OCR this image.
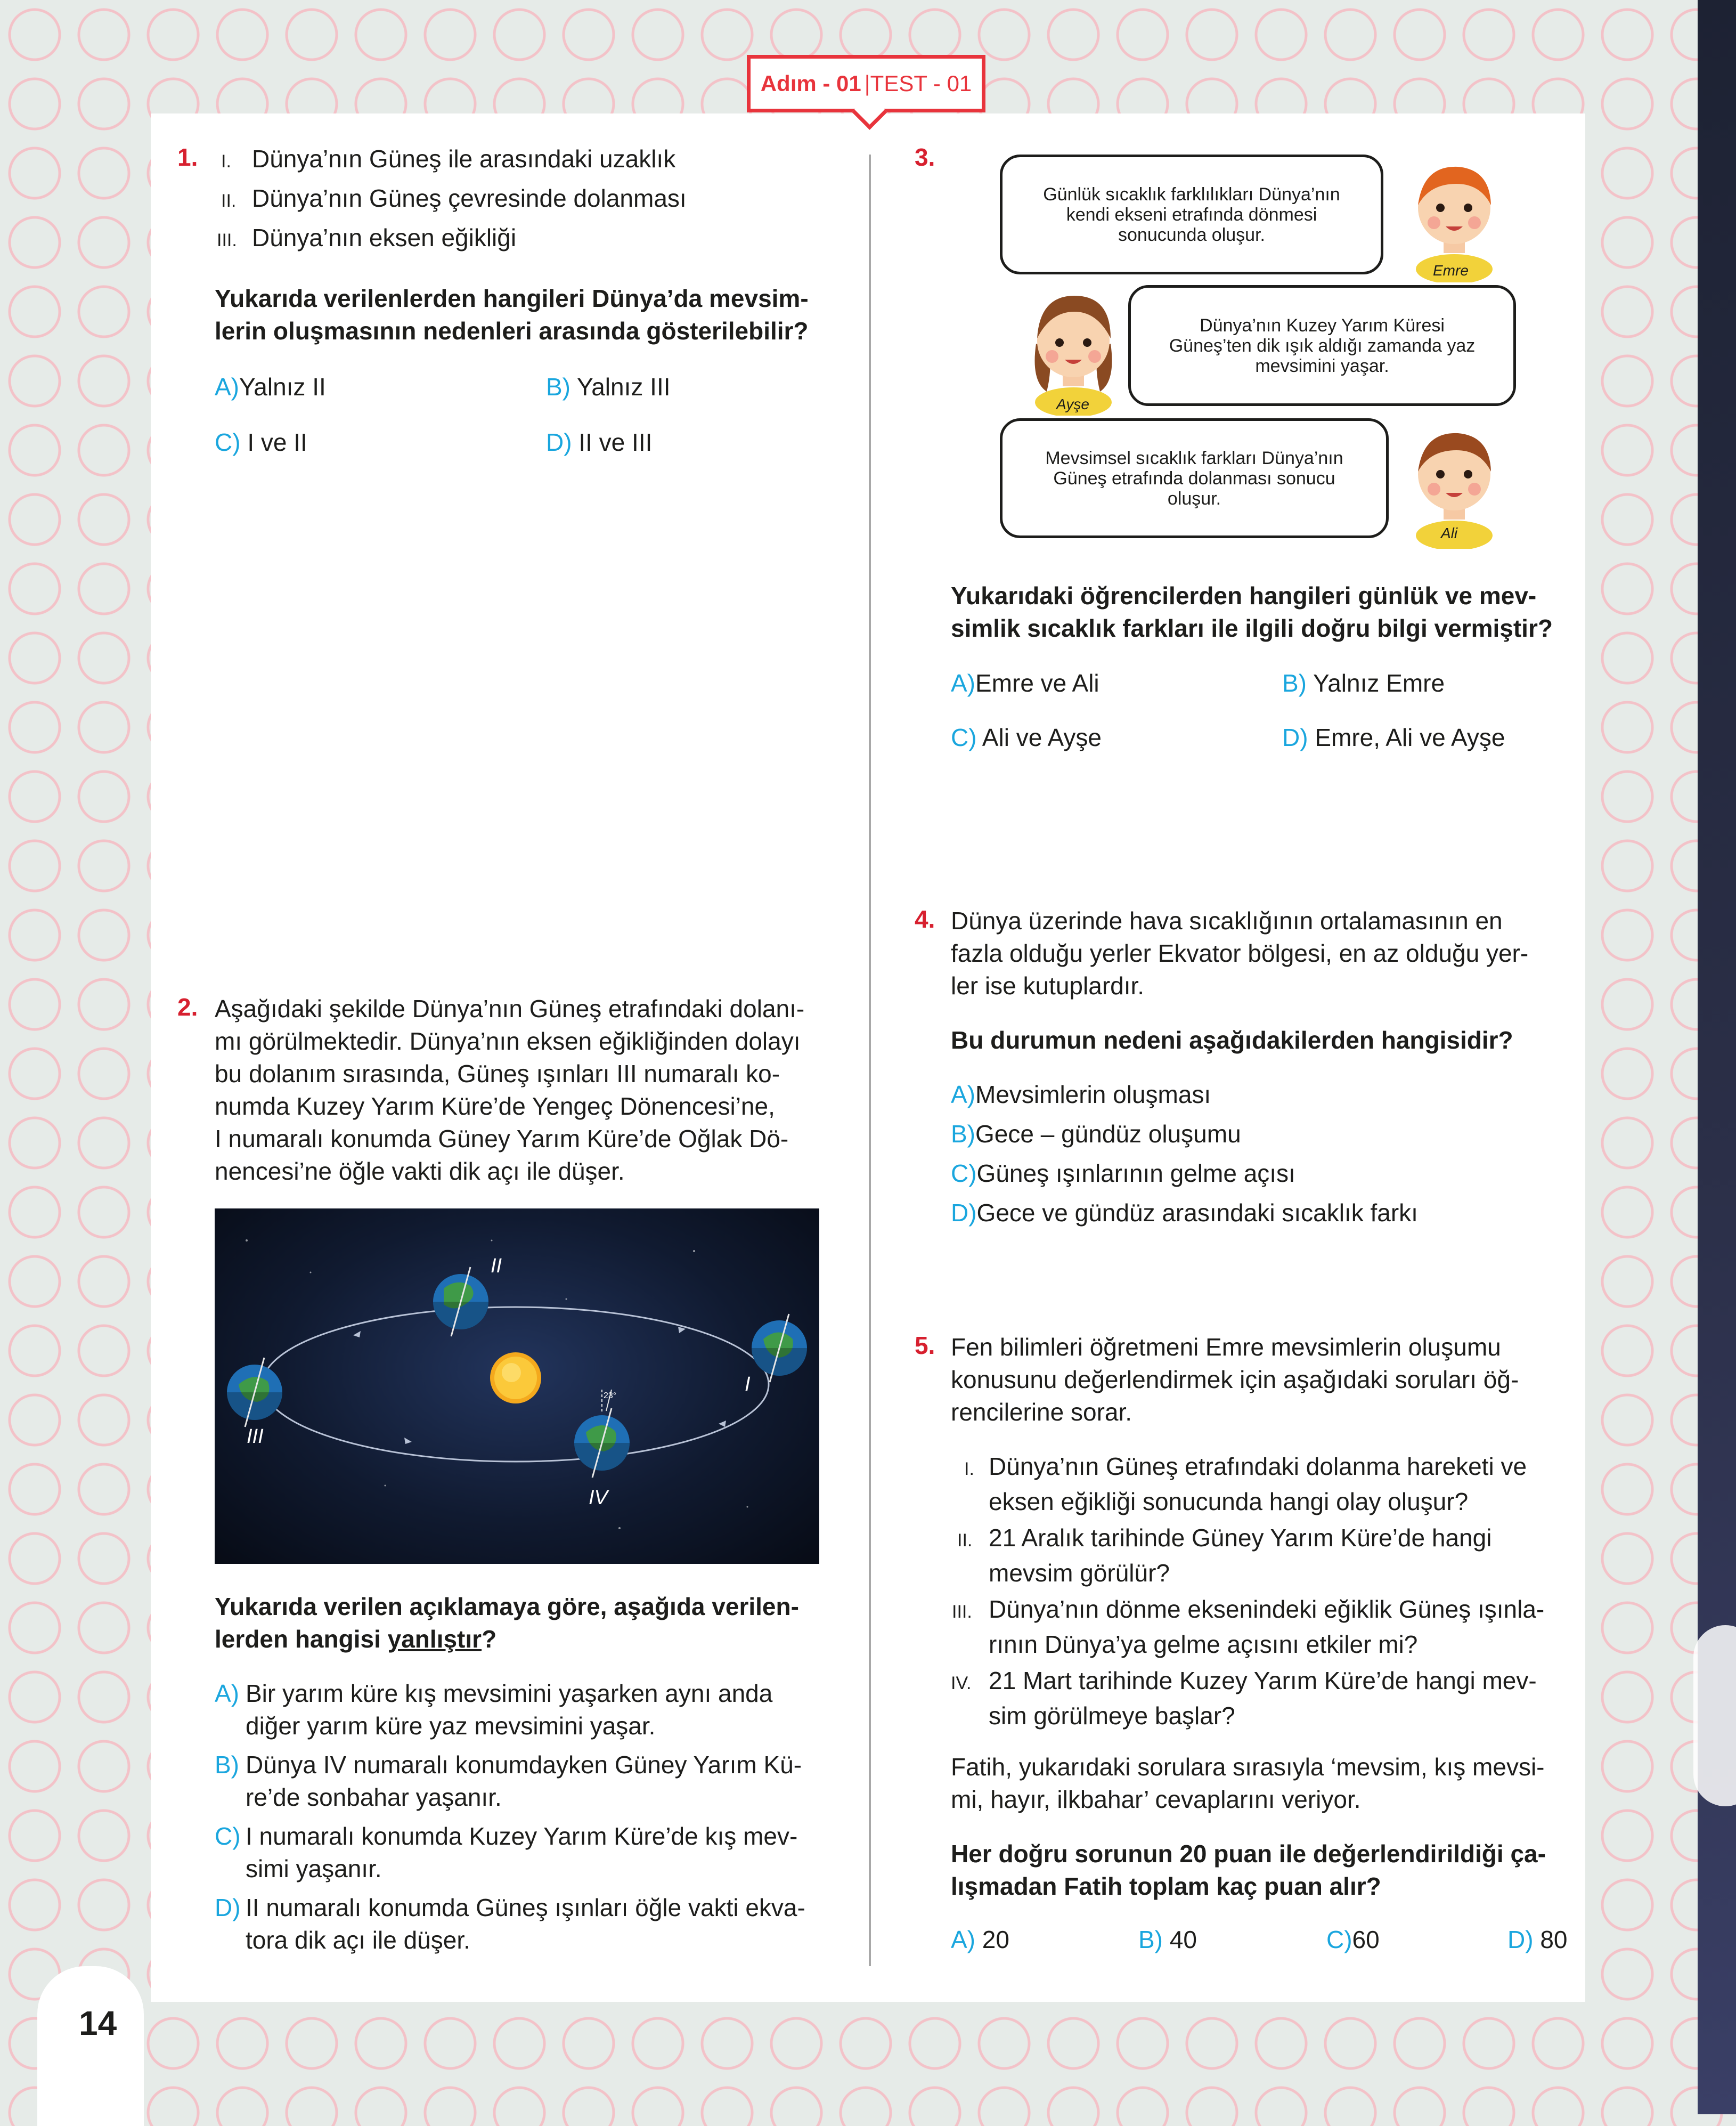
Adım - 01 | TEST - 01
1. I. Dünya’nın Güneş ile arasındaki uzaklık
II. Dünya’nın Güneş çevresinde dolanması
III. Dünya’nın eksen eğikliği
Yukarıda verilenlerden hangileri Dünya’da mevsim-
lerin oluşmasının nedenleri arasında gösterilebilir?
A)Yalnız II	B) Yalnız III
C) I ve II	D) II ve III
2. Aşağıdaki şekilde Dünya’nın Güneş etrafındaki dolanı-
mı görülmektedir. Dünya’nın eksen eğikliğinden dolayı
bu dolanım sırasında, Güneş ışınları III numaralı ko-
numda Kuzey Yarım Küre’de Yengeç Dönencesi’ne,
I numaralı konumda Güney Yarım Küre’de Oğlak Dö-
nencesi’ne öğle vakti dik açı ile düşer.
II
I
III
IV
23°
Yukarıda verilen açıklamaya göre, aşağıda verilen-
lerden hangisi yanlıştır?
A) Bir yarım küre kış mevsimini yaşarken aynı anda
diğer yarım küre yaz mevsimini yaşar.
B) Dünya IV numaralı konumdayken Güney Yarım Kü-
re’de sonbahar yaşanır.
C) I numaralı konumda Kuzey Yarım Küre’de kış mev-
simi yaşanır.
D) II numaralı konumda Güneş ışınları öğle vakti ekva-
tora dik açı ile düşer.
3.
Günlük sıcaklık farklılıkları Dünya’nın
kendi ekseni etrafında dönmesi
sonucunda oluşur.
Emre
Dünya’nın Kuzey Yarım Küresi
Güneş’ten dik ışık aldığı zamanda yaz
mevsimini yaşar.
Ayşe
Mevsimsel sıcaklık farkları Dünya’nın
Güneş etrafında dolanması sonucu
oluşur.
Ali
Yukarıdaki öğrencilerden hangileri günlük ve mev-
simlik sıcaklık farkları ile ilgili doğru bilgi vermiştir?
A)Emre ve Ali	B) Yalnız Emre
C) Ali ve Ayşe	D) Emre, Ali ve Ayşe
4. Dünya üzerinde hava sıcaklığının ortalamasının en
fazla olduğu yerler Ekvator bölgesi, en az olduğu yer-
ler ise kutuplardır.
Bu durumun nedeni aşağıdakilerden hangisidir?
A)Mevsimlerin oluşması
B)Gece – gündüz oluşumu
C)Güneş ışınlarının gelme açısı
D)Gece ve gündüz arasındaki sıcaklık farkı
5. Fen bilimleri öğretmeni Emre mevsimlerin oluşumu
konusunu değerlendirmek için aşağıdaki soruları öğ-
rencilerine sorar.
I. Dünya’nın Güneş etrafındaki dolanma hareketi ve
eksen eğikliği sonucunda hangi olay oluşur?
II. 21 Aralık tarihinde Güney Yarım Küre’de hangi
mevsim görülür?
III. Dünya’nın dönme eksenindeki eğiklik Güneş ışınla-
rının Dünya’ya gelme açısını etkiler mi?
IV. 21 Mart tarihinde Kuzey Yarım Küre’de hangi mev-
sim görülmeye başlar?
Fatih, yukarıdaki sorulara sırasıyla ‘mevsim, kış mevsi-
mi, hayır, ilkbahar’ cevaplarını veriyor.
Her doğru sorunun 20 puan ile değerlendirildiği ça-
lışmadan Fatih toplam kaç puan alır?
A) 20	B) 40	C)60	D) 80
14
